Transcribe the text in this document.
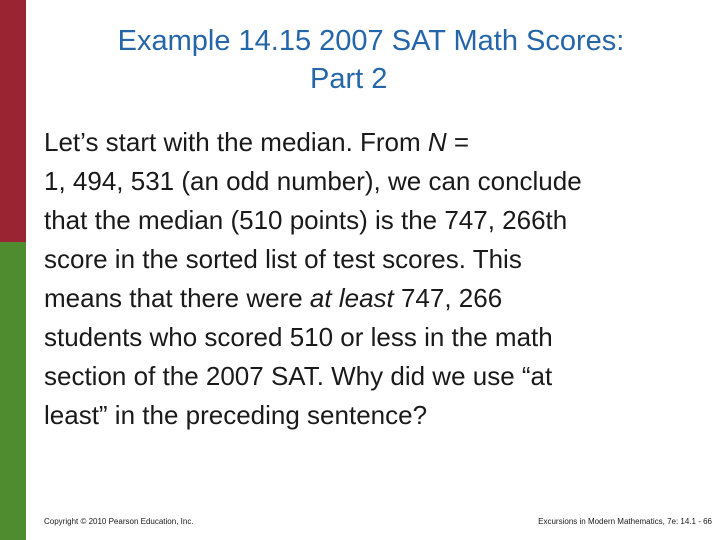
Example 14.15 2007 SAT Math Scores:
Part 2
Let’s start with the median. From N =
1, 494, 531 (an odd number), we can conclude
that the median (510 points) is the 747, 266th
score in the sorted list of test scores. This
means that there were at least 747, 266
students who scored 510 or less in the math
section of the 2007 SAT. Why did we use “at
least” in the preceding sentence?
Copyright © 2010 Pearson Education, Inc.	Excursions in Modern Mathematics, 7e: 14.1 - 66
